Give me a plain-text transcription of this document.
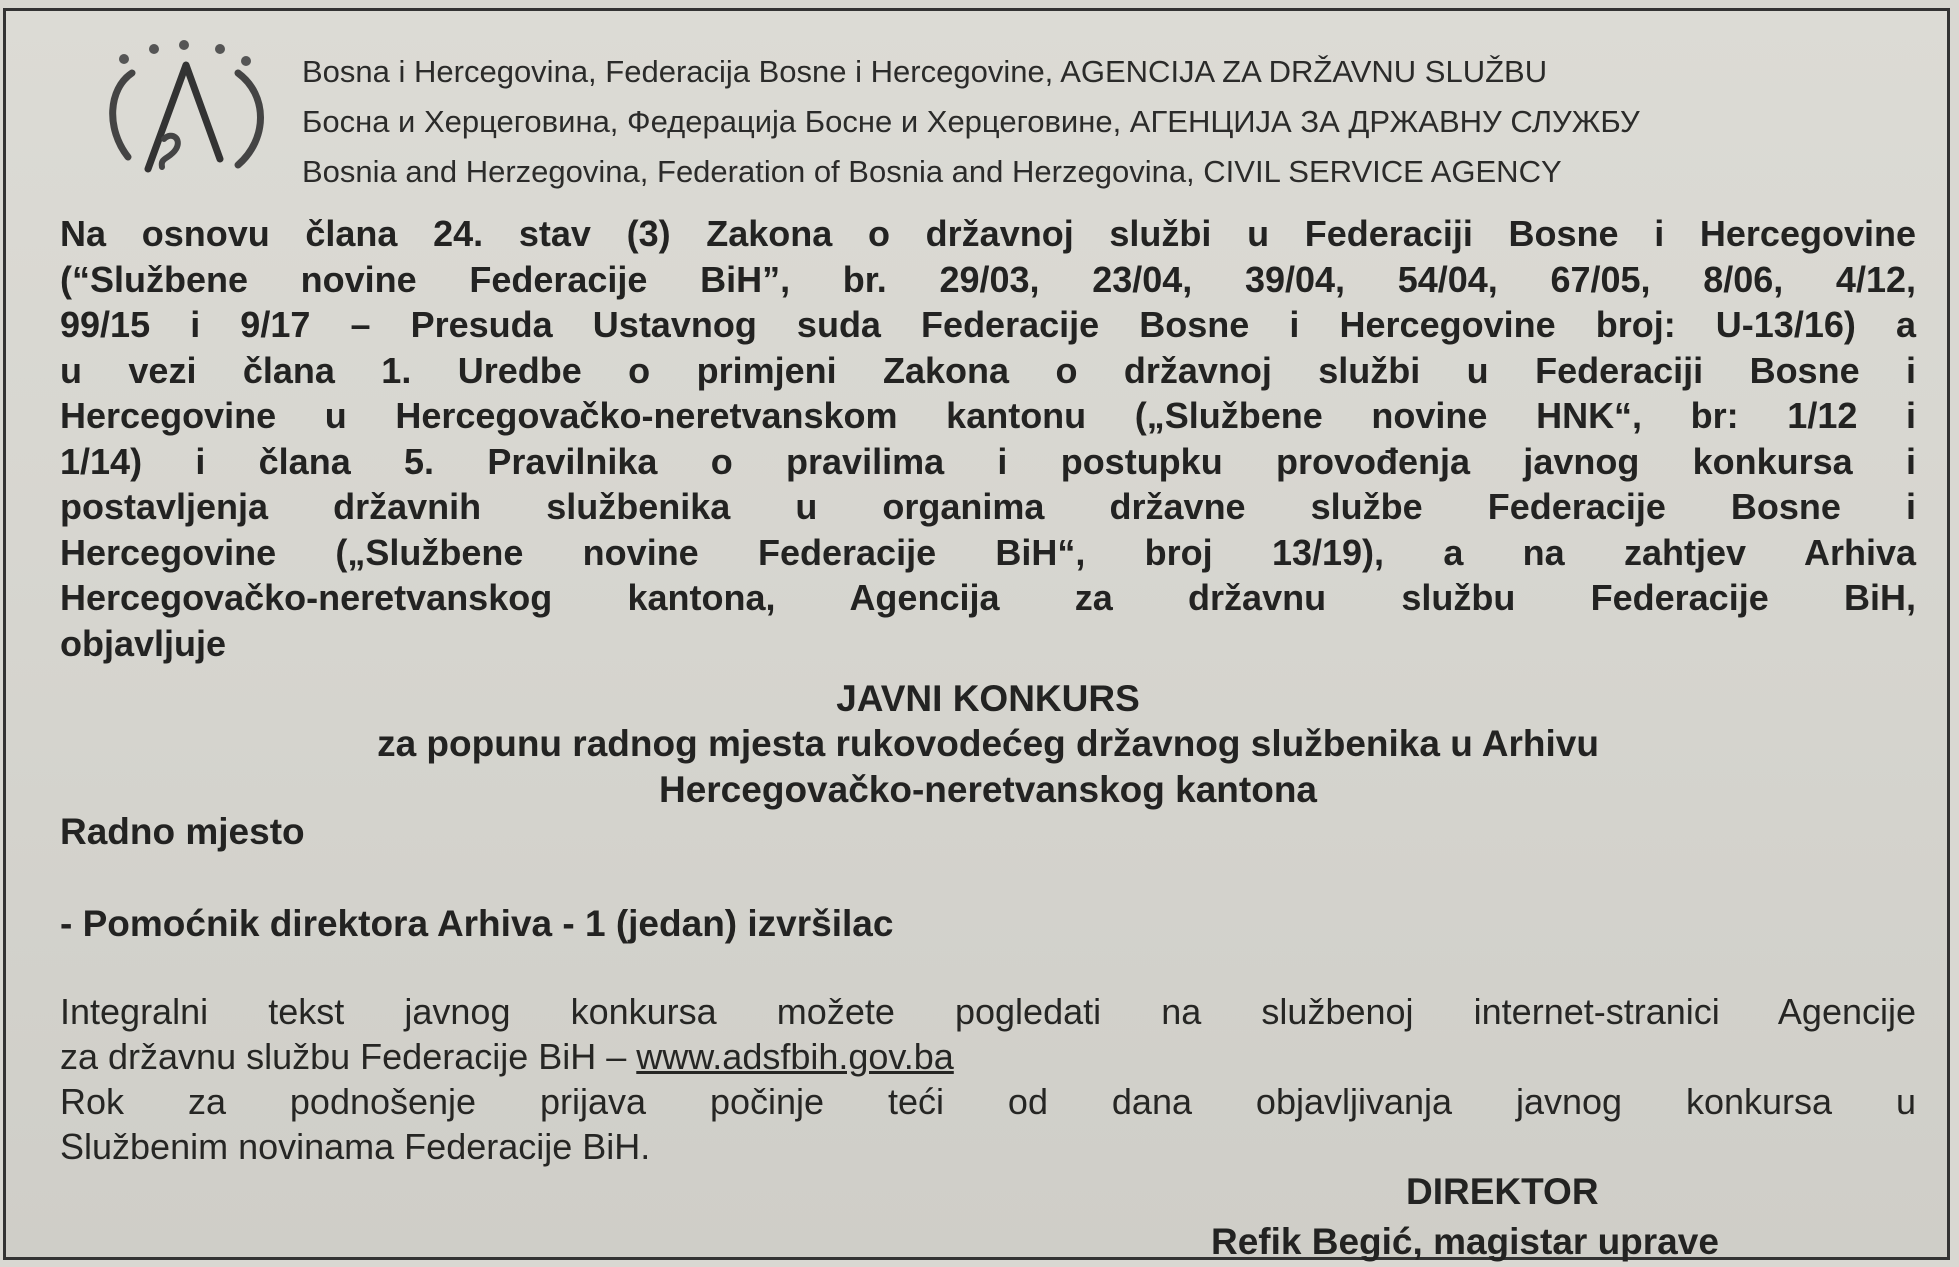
Bosna i Hercegovina, Federacija Bosne i Hercegovine, AGENCIJA ZA DRŽAVNU SLUŽBU
Босна и Херцеговина, Федерација Босне и Херцеговине, АГЕНЦИЈА ЗА ДРЖАВНУ СЛУЖБУ
Bosnia and Herzegovina, Federation of Bosnia and Herzegovina, CIVIL SERVICE AGENCY
Na osnovu člana 24. stav (3) Zakona o državnoj službi u Federaciji Bosne i Hercegovine
(“Službene novine Federacije BiH”, br. 29/03, 23/04, 39/04, 54/04, 67/05, 8/06, 4/12,
99/15 i 9/17 – Presuda Ustavnog suda Federacije Bosne i Hercegovine broj: U-13/16) a
u vezi člana 1. Uredbe o primjeni Zakona o državnoj službi u Federaciji Bosne i
Hercegovine u Hercegovačko-neretvanskom kantonu („Službene novine HNK“, br: 1/12 i
1/14) i člana 5. Pravilnika o pravilima i postupku provođenja javnog konkursa i
postavljenja državnih službenika u organima državne službe Federacije Bosne i
Hercegovine („Službene novine Federacije BiH“, broj 13/19), a na zahtjev Arhiva
Hercegovačko-neretvanskog kantona, Agencija za državnu službu Federacije BiH,
objavljuje
JAVNI KONKURS
za popunu radnog mjesta rukovodećeg državnog službenika u Arhivu
Hercegovačko-neretvanskog kantona
Radno mjesto
- Pomoćnik direktora Arhiva - 1 (jedan) izvršilac
Integralni tekst javnog konkursa možete pogledati na službenoj internet-stranici Agencije
za državnu službu Federacije BiH – www.adsfbih.gov.ba
Rok za podnošenje prijava počinje teći od dana objavljivanja javnog konkursa u
Službenim novinama Federacije BiH.
DIREKTOR
Refik Begić, magistar uprave
